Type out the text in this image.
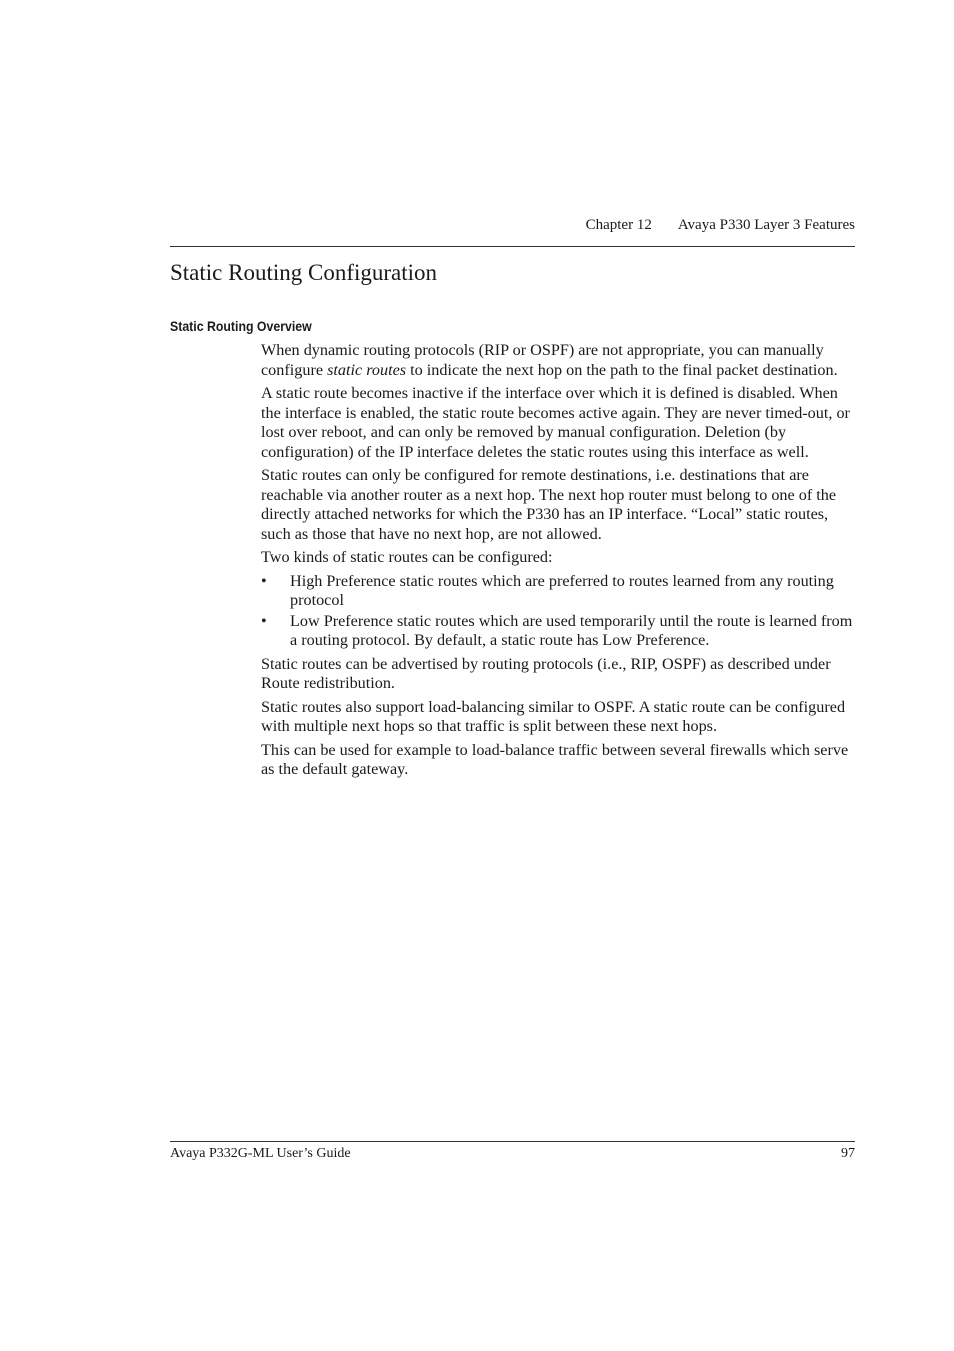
Chapter 12 Avaya P330 Layer 3 Features
Static Routing Configuration
Static Routing Overview

When dynamic routing protocols (RIP or OSPF) are not appropriate, you can manually configure static routes to indicate the next hop on the path to the final packet destination.

A static route becomes inactive if the interface over which it is defined is disabled. When the interface is enabled, the static route becomes active again. They are never timed-out, or lost over reboot, and can only be removed by manual configuration. Deletion (by configuration) of the IP interface deletes the static routes using this interface as well.

Static routes can only be configured for remote destinations, i.e. destinations that are reachable via another router as a next hop. The next hop router must belong to one of the directly attached networks for which the P330 has an IP interface. “Local” static routes, such as those that have no next hop, are not allowed.

Two kinds of static routes can be configured:

• High Preference static routes which are preferred to routes learned from any routing protocol
• Low Preference static routes which are used temporarily until the route is learned from a routing protocol. By default, a static route has Low Preference.

Static routes can be advertised by routing protocols (i.e., RIP, OSPF) as described under Route redistribution.

Static routes also support load-balancing similar to OSPF. A static route can be configured with multiple next hops so that traffic is split between these next hops.

This can be used for example to load-balance traffic between several firewalls which serve as the default gateway.

Avaya P332G-ML User’s Guide	97
